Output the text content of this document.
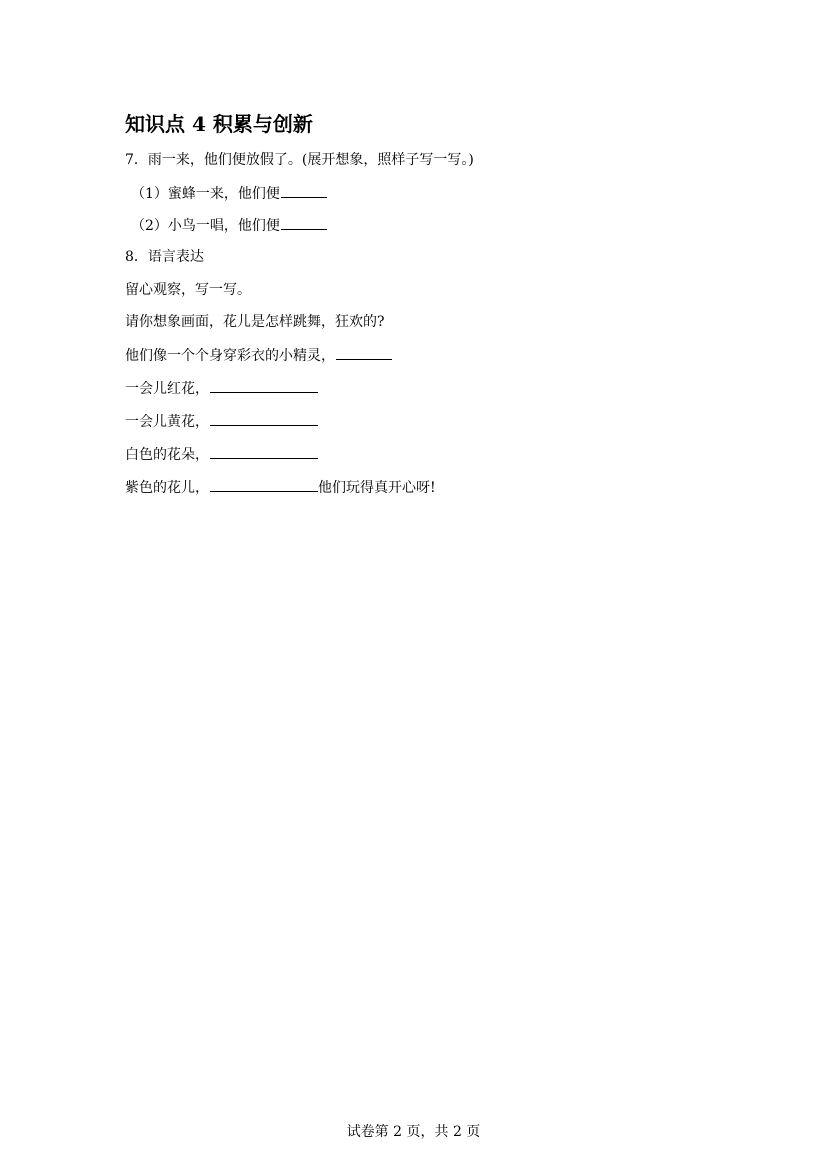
知识点 4 积累与创新
7．雨一来，他们便放假了。(展开想象，照样子写一写。)
（1）蜜蜂一来，他们便
（2）小鸟一唱，他们便
8．语言表达
留心观察，写一写。
请你想象画面，花儿是怎样跳舞，狂欢的?
他们像一个个身穿彩衣的小精灵，
一会儿红花，
一会儿黄花，
白色的花朵，
紫色的花儿，	他们玩得真开心呀!
试卷第 2 页，共 2 页
